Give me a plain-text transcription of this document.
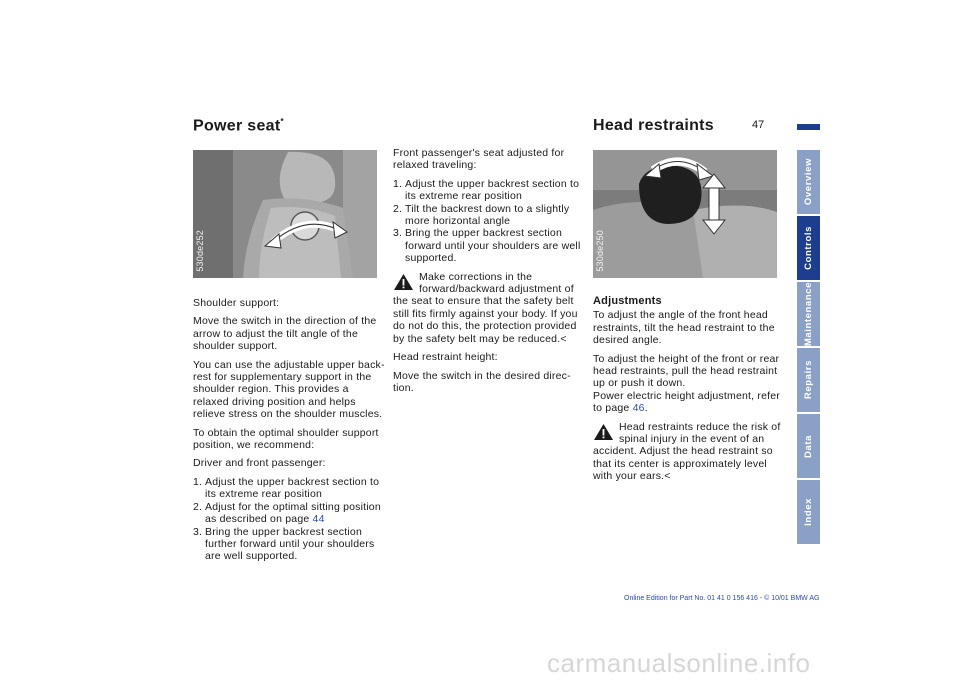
Power seat*	Head restraints	47
530de252	530de250

Shoulder support:

Move the switch in the direction of the arrow to adjust the tilt angle of the shoulder support.

You can use the adjustable upper back-rest for supplementary support in the shoulder region. This provides a relaxed driving position and helps relieve stress on the shoulder muscles.

To obtain the optimal shoulder support position, we recommend:

Driver and front passenger:

1. Adjust the upper backrest section to its extreme rear position
2. Adjust for the optimal sitting position as described on page 44
3. Bring the upper backrest section further forward until your shoulders are well supported.

Front passenger's seat adjusted for relaxed traveling:

1. Adjust the upper backrest section to its extreme rear position
2. Tilt the backrest down to a slightly more horizontal angle
3. Bring the upper backrest section forward until your shoulders are well supported.
Make corrections in the forward/backward adjustment of the seat to ensure that the safety belt still fits firmly against your body. If you do not do this, the protection provided by the safety belt may be reduced.<

Head restraint height:

Move the switch in the desired direc-tion.

Adjustments

To adjust the angle of the front head restraints, tilt the head restraint to the desired angle.

To adjust the height of the front or rear head restraints, pull the head restraint up or push it down.
Power electric height adjustment, refer to page 46.

Head restraints reduce the risk of spinal injury in the event of an accident. Adjust the head restraint so that its center is approximately level with your ears.<
Overview
Controls
Maintenance
Repairs
Data
Index
Online Edition for Part No. 01 41 0 156 416 - © 10/01 BMW AG
carmanualsonline.info
